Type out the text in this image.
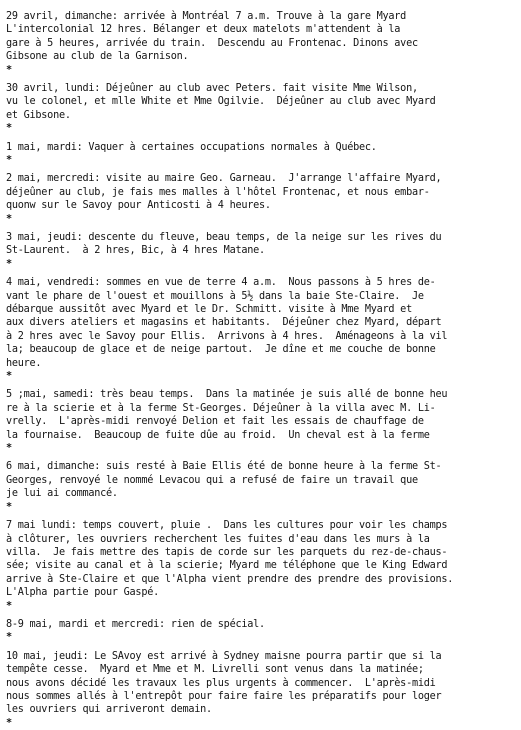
29 avril, dimanche: arrivée à Montréal 7 a.m. Trouve à la gare Myard

L'intercolonial 12 hres. Bélanger et deux matelots m'attendent à la

gare à 5 heures, arrivée du train.  Descendu au Frontenac. Dinons avec

Gibsone au club de la Garnison.

*

30 avril, lundi: Déjeûner au club avec Peters. fait visite Mme Wilson,

vu le colonel, et mlle White et Mme Ogilvie.  Déjeûner au club avec Myard

et Gibsone.

*

1 mai, mardi: Vaquer à certaines occupations normales à Québec.

*

2 mai, mercredi: visite au maire Geo. Garneau.  J'arrange l'affaire Myard,

déjeûner au club, je fais mes malles à l'hôtel Frontenac, et nous embar-

quonw sur le Savoy pour Anticosti à 4 heures.

*

3 mai, jeudi: descente du fleuve, beau temps, de la neige sur les rives du

St-Laurent.  à 2 hres, Bic, à 4 hres Matane.

*

4 mai, vendredi: sommes en vue de terre 4 a.m.  Nous passons à 5 hres de-

vant le phare de l'ouest et mouillons à 5½ dans la baie Ste-Claire.  Je

débarque aussitôt avec Myard et le Dr. Schmitt. visite à Mme Myard et

aux divers ateliers et magasins et habitants.  Déjeûner chez Myard, départ

à 2 hres avec le Savoy pour Ellis.  Arrivons à 4 hres.  Aménageons à la vil

la; beaucoup de glace et de neige partout.  Je dîne et me couche de bonne

heure.

*

5 ;mai, samedi: très beau temps.  Dans la matinée je suis allé de bonne heu

re à la scierie et à la ferme St-Georges. Déjeûner à la villa avec M. Li-

vrelly.  L'après-midi renvoyé Delion et fait les essais de chauffage de

la fournaise.  Beaucoup de fuite dûe au froid.  Un cheval est à la ferme

*

6 mai, dimanche: suis resté à Baie Ellis été de bonne heure à la ferme St-

Georges, renvoyé le nommé Levacou qui a refusé de faire un travail que

je lui ai commancé.

*

7 mai lundi: temps couvert, pluie .  Dans les cultures pour voir les champs

à clôturer, les ouvriers recherchent les fuites d'eau dans les murs à la

villa.  Je fais mettre des tapis de corde sur les parquets du rez-de-chaus-

sée; visite au canal et à la scierie; Myard me téléphone que le King Edward

arrive à Ste-Claire et que l'Alpha vient prendre des prendre des provisions.

L'Alpha partie pour Gaspé.

*

8-9 mai, mardi et mercredi: rien de spécial.

*

10 mai, jeudi: Le SAvoy est arrivé à Sydney maisne pourra partir que si la

tempête cesse.  Myard et Mme et M. Livrelli sont venus dans la matinée;

nous avons décidé les travaux les plus urgents à commencer.  L'après-midi

nous sommes allés à l'entrepôt pour faire faire les préparatifs pour loger

les ouvriers qui arriveront demain.

*
